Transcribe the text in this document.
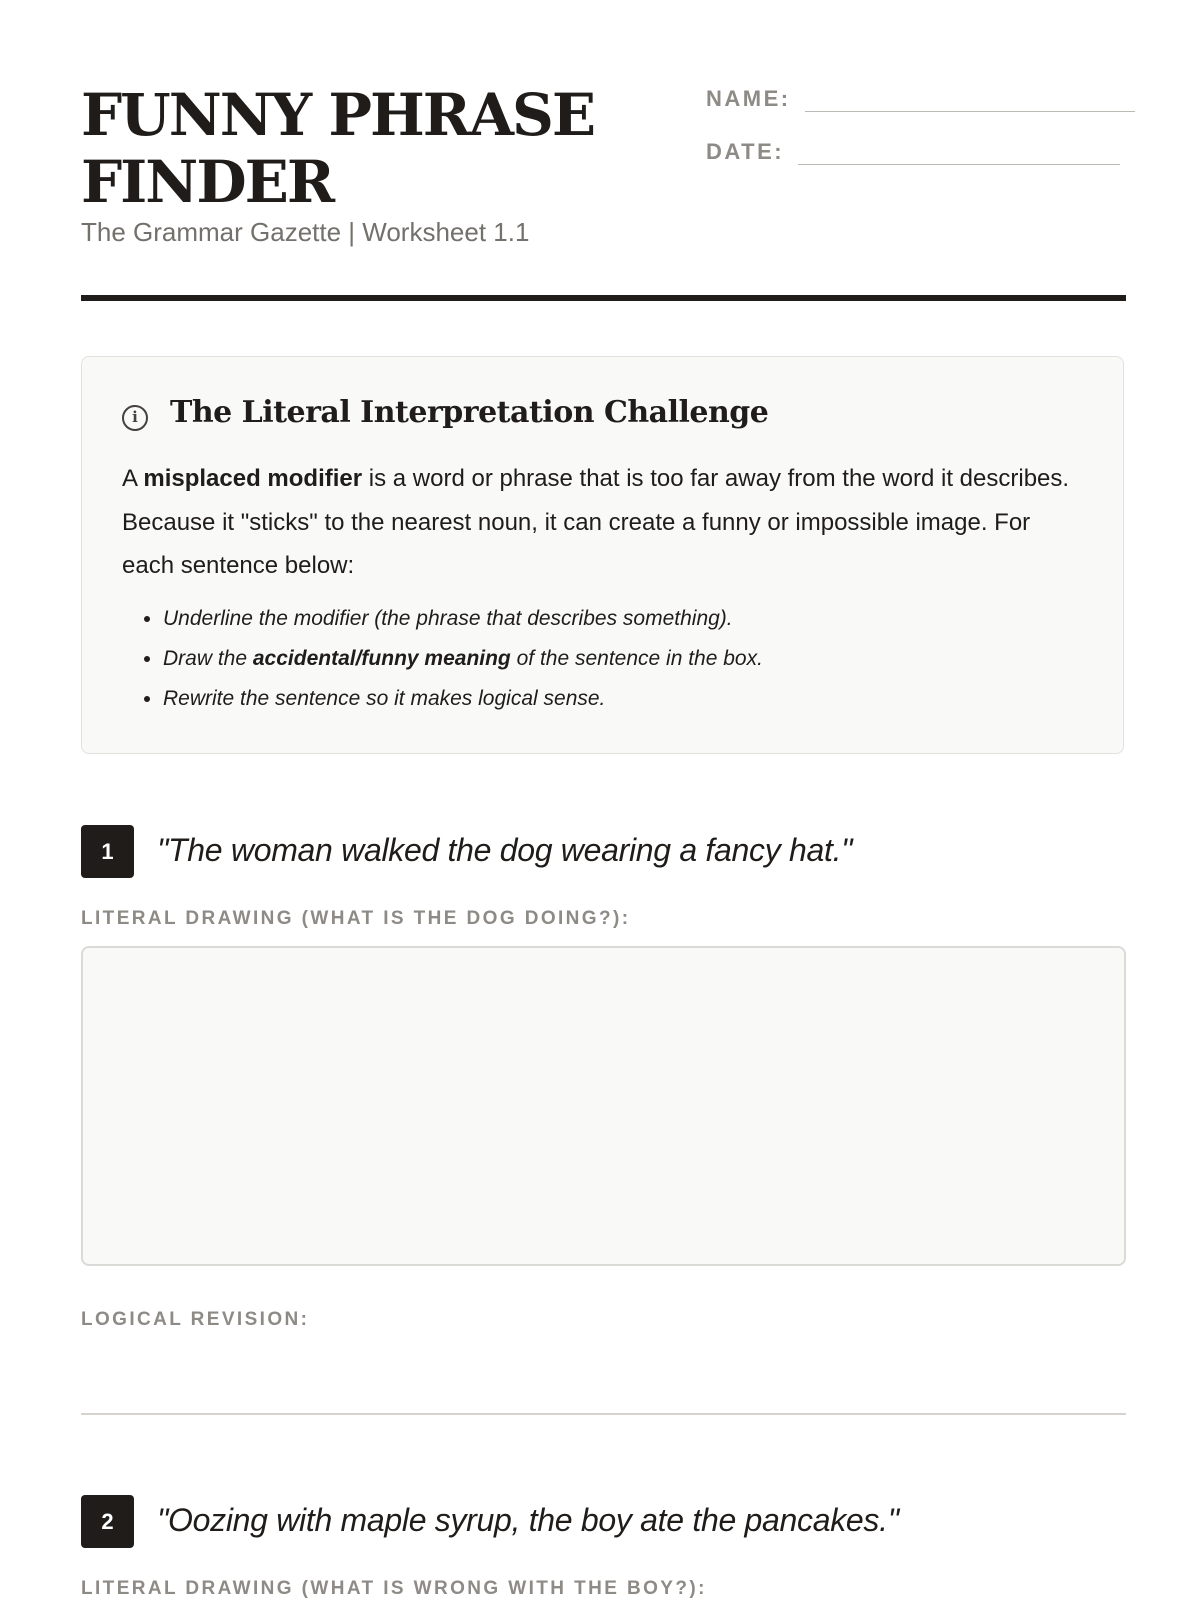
FUNNY PHRASE
FINDER
The Grammar Gazette | Worksheet 1.1
NAME:
DATE:
i	The Literal Interpretation Challenge
A misplaced modifier is a word or phrase that is too far away from the word it describes. Because it "sticks" to the nearest noun, it can create a funny or impossible image. For each sentence below:
• Underline the modifier (the phrase that describes something).
• Draw the accidental/funny meaning of the sentence in the box.
• Rewrite the sentence so it makes logical sense.
1	"The woman walked the dog wearing a fancy hat."
LITERAL DRAWING (WHAT IS THE DOG DOING?):
LOGICAL REVISION:
2	"Oozing with maple syrup, the boy ate the pancakes."
LITERAL DRAWING (WHAT IS WRONG WITH THE BOY?):
